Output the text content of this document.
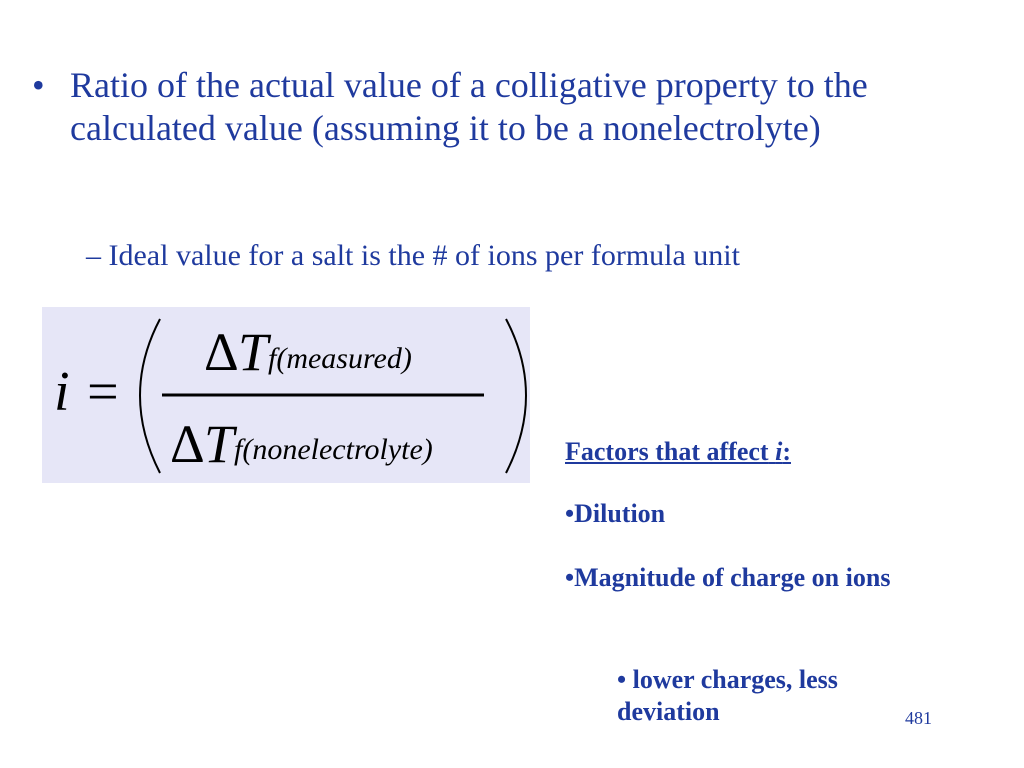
• Ratio of the actual value of a colligative property to the calculated value (assuming it to be a nonelectrolyte)
– Ideal value for a salt is the # of ions per formula unit
i =
Δ T f(measured)
Δ T f(nonelectrolyte)	Factors that affect i:
•Dilution
•Magnitude of charge on ions
• lower charges, less deviation	481
